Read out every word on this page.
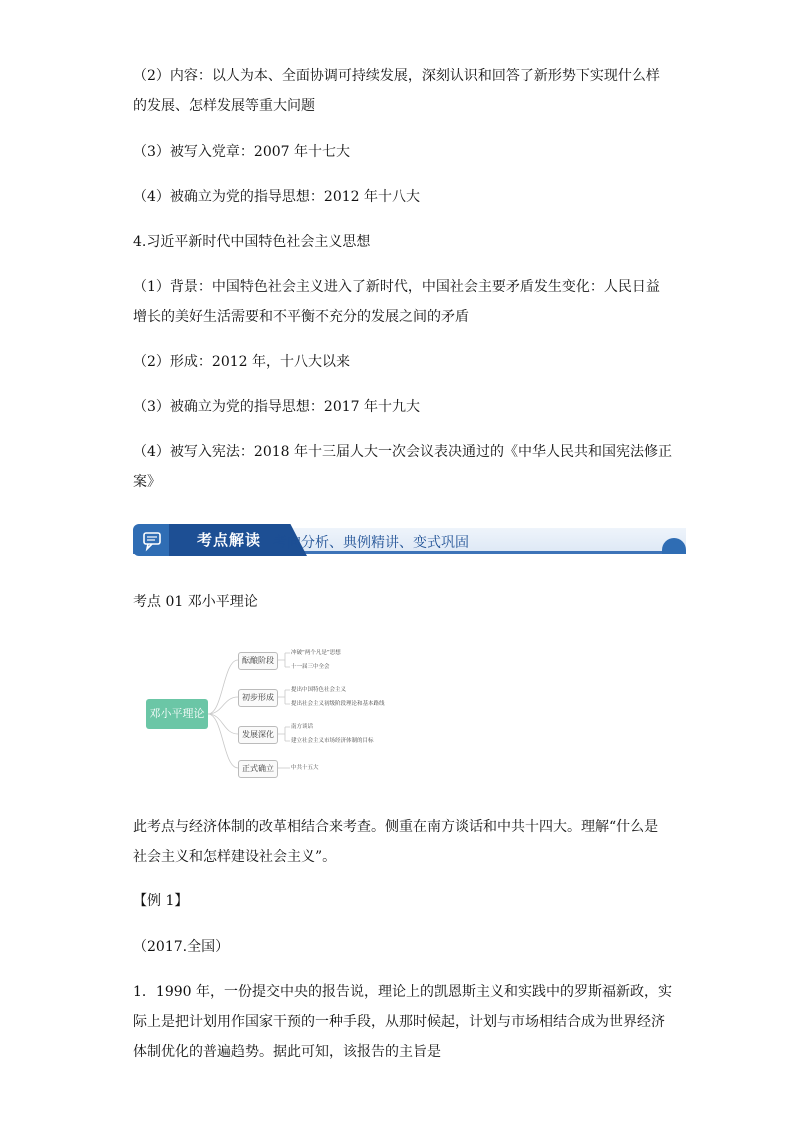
（2）内容：以人为本、全面协调可持续发展，深刻认识和回答了新形势下实现什么样

的发展、怎样发展等重大问题

（3）被写入党章：2007 年十七大

（4）被确立为党的指导思想：2012 年十八大

4.习近平新时代中国特色社会主义思想

（1）背景：中国特色社会主义进入了新时代，中国社会主要矛盾发生变化：人民日益

增长的美好生活需要和不平衡不充分的发展之间的矛盾

（2）形成：2012 年，十八大以来

（3）被确立为党的指导思想：2017 年十九大

（4）被写入宪法：2018 年十三届人大一次会议表决通过的《中华人民共和国宪法修正

案》

考点解读 考向分析、典例精讲、变式巩固

考点 01 邓小平理论

邓小平理论
酝酿阶段
冲破“两个凡是”思想
十一届三中全会
初步形成
提出中国特色社会主义
提出社会主义初级阶段理论和基本路线
发展深化
南方谈话
建立社会主义市场经济体制的目标
正式确立	中共十五大

此考点与经济体制的改革相结合来考查。侧重在南方谈话和中共十四大。理解“什么是

社会主义和怎样建设社会主义”。

【例 1】

（2017.全国）

1．1990 年，一份提交中央的报告说，理论上的凯恩斯主义和实践中的罗斯福新政，实

际上是把计划用作国家干预的一种手段，从那时候起，计划与市场相结合成为世界经济

体制优化的普遍趋势。据此可知，该报告的主旨是
